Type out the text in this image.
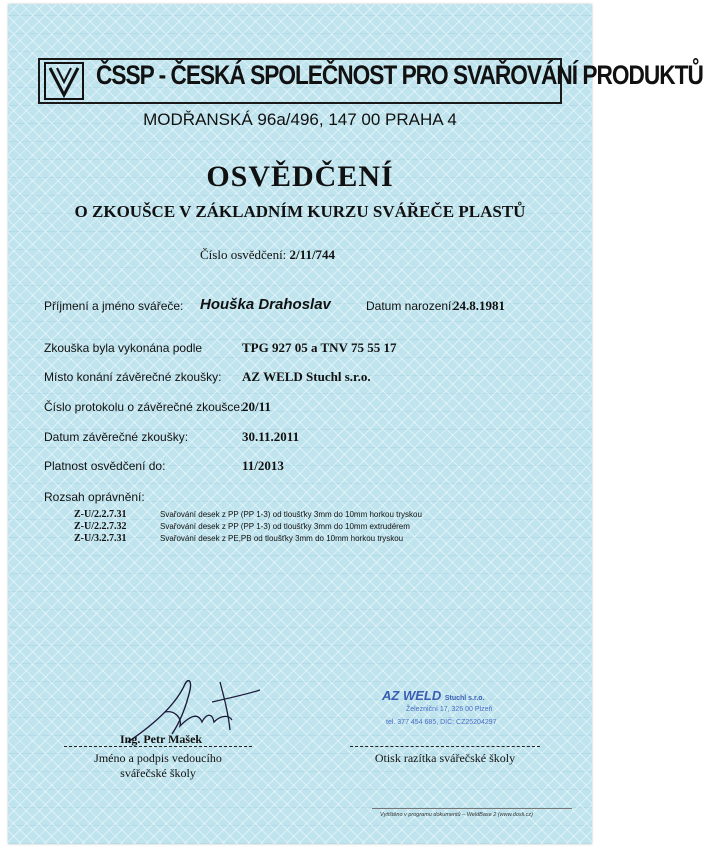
ČSSP - ČESKÁ SPOLEČNOST PRO SVAŘOVÁNÍ PRODUKTŮ
MODŘANSKÁ 96a/496, 147 00 PRAHA 4
OSVĚDČENÍ
O ZKOUŠCE V ZÁKLADNÍM KURZU SVÁŘEČE PLASTŮ
Číslo osvědčení: 2/11/744
Příjmení a jméno svářeče: Houška Drahoslav	Datum narození:
24.8.1981
Zkouška byla vykonána podle	TPG 927 05 a TNV 75 55 17
Místo konání závěrečné zkoušky: AZ WELD Stuchl s.r.o.
Číslo protokolu o závěrečné zkoušce:
20/11
Datum závěrečné zkoušky:	30.11.2011
Platnost osvědčení do:	11/2013
Rozsah oprávnění:
Z-U/2.2.7.31	Svařování desek z PP (PP 1-3) od tloušťky 3mm do 10mm horkou tryskou
Z-U/2.2.7.32	Svařování desek z PP (PP 1-3) od tloušťky 3mm do 10mm extrudérem
Z-U/3.2.7.31	Svařování desek z PE,PB od tloušťky 3mm do 10mm horkou tryskou
Ing. Petr Mašek
Jméno a podpis vedoucího
svářečské školy
AZ WELD Stuchl s.r.o.
Železniční 17, 326 00 Plzeň
tel. 377 454 685, DIČ: CZ25204297
Otisk razítka svářečské školy
Vytištěno v programu dokumentů – WeldBase 2 (www.dosli.cz)
